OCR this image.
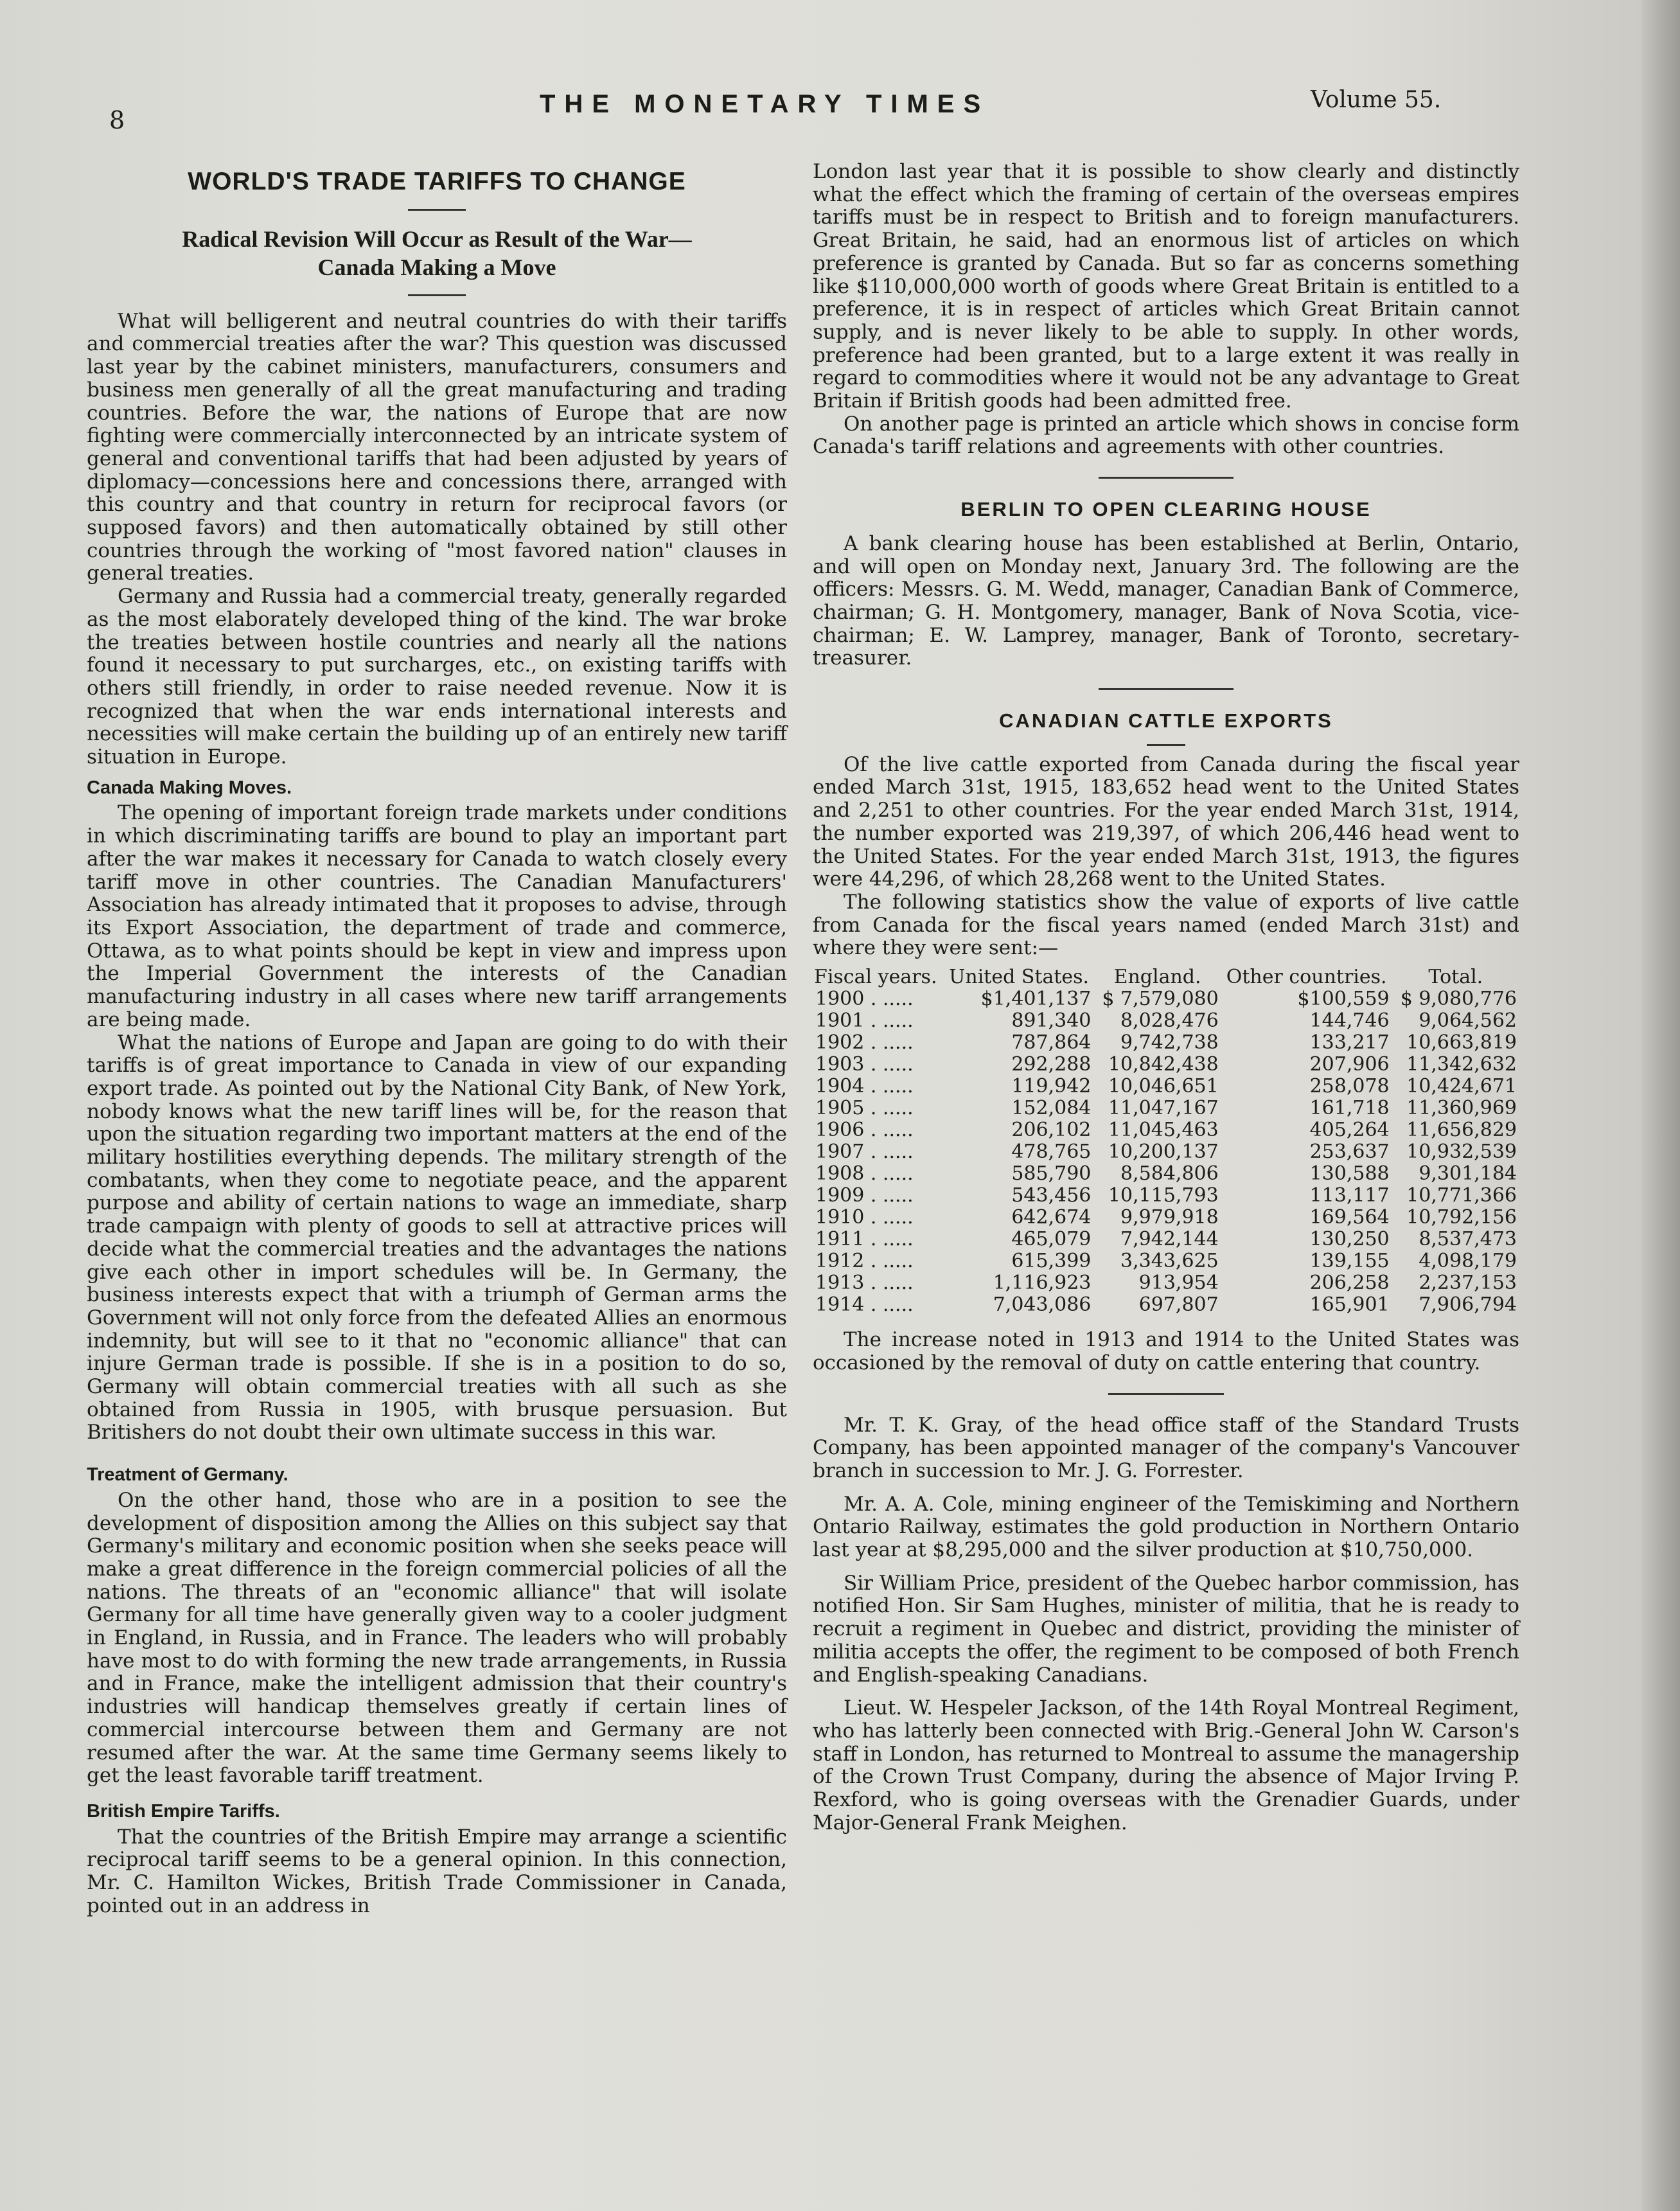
8
THE MONETARY TIMES	Volume 55.
WORLD'S TRADE TARIFFS TO CHANGE
Radical Revision Will Occur as Result of the War—
Canada Making a Move

What will belligerent and neutral countries do with their tariffs and commercial treaties after the war? This question was discussed last year by the cabinet ministers, manufacturers, consumers and business men generally of all the great manufacturing and trading countries. Before the war, the nations of Europe that are now fighting were commercially interconnected by an intricate system of general and conventional tariffs that had been adjusted by years of diplomacy—concessions here and concessions there, arranged with this country and that country in return for reciprocal favors (or supposed favors) and then automatically obtained by still other countries through the working of "most favored nation" clauses in general treaties.

Germany and Russia had a commercial treaty, generally regarded as the most elaborately developed thing of the kind. The war broke the treaties between hostile countries and nearly all the nations found it necessary to put surcharges, etc., on existing tariffs with others still friendly, in order to raise needed revenue. Now it is recognized that when the war ends international interests and necessities will make certain the building up of an entirely new tariff situation in Europe.

Canada Making Moves.

The opening of important foreign trade markets under conditions in which discriminating tariffs are bound to play an important part after the war makes it necessary for Canada to watch closely every tariff move in other countries. The Canadian Manufacturers' Association has already intimated that it proposes to advise, through its Export Association, the department of trade and commerce, Ottawa, as to what points should be kept in view and impress upon the Imperial Government the interests of the Canadian manufacturing industry in all cases where new tariff arrangements are being made.

What the nations of Europe and Japan are going to do with their tariffs is of great importance to Canada in view of our expanding export trade. As pointed out by the National City Bank, of New York, nobody knows what the new tariff lines will be, for the reason that upon the situation regarding two important matters at the end of the military hostilities everything depends. The military strength of the combatants, when they come to negotiate peace, and the apparent purpose and ability of certain nations to wage an immediate, sharp trade campaign with plenty of goods to sell at attractive prices will decide what the commercial treaties and the advantages the nations give each other in import schedules will be. In Germany, the business interests expect that with a triumph of German arms the Government will not only force from the defeated Allies an enormous indemnity, but will see to it that no "economic alliance" that can injure German trade is possible. If she is in a position to do so, Germany will obtain commercial treaties with all such as she obtained from Russia in 1905, with brusque persuasion. But Britishers do not doubt their own ultimate success in this war.

Treatment of Germany.

On the other hand, those who are in a position to see the development of disposition among the Allies on this subject say that Germany's military and economic position when she seeks peace will make a great difference in the foreign commercial policies of all the nations. The threats of an "economic alliance" that will isolate Germany for all time have generally given way to a cooler judgment in England, in Russia, and in France. The leaders who will probably have most to do with forming the new trade arrangements, in Russia and in France, make the intelligent admission that their country's industries will handicap themselves greatly if certain lines of commercial intercourse between them and Germany are not resumed after the war. At the same time Germany seems likely to get the least favorable tariff treatment.

British Empire Tariffs.

That the countries of the British Empire may arrange a scientific reciprocal tariff seems to be a general opinion. In this connection, Mr. C. Hamilton Wickes, British Trade Commissioner in Canada, pointed out in an address in

London last year that it is possible to show clearly and distinctly what the effect which the framing of certain of the overseas empires tariffs must be in respect to British and to foreign manufacturers. Great Britain, he said, had an enormous list of articles on which preference is granted by Canada. But so far as concerns something like $110,000,000 worth of goods where Great Britain is entitled to a preference, it is in respect of articles which Great Britain cannot supply, and is never likely to be able to supply. In other words, preference had been granted, but to a large extent it was really in regard to commodities where it would not be any advantage to Great Britain if British goods had been admitted free.

On another page is printed an article which shows in concise form Canada's tariff relations and agreements with other countries.

BERLIN TO OPEN CLEARING HOUSE

A bank clearing house has been established at Berlin, Ontario, and will open on Monday next, January 3rd. The following are the officers: Messrs. G. M. Wedd, manager, Canadian Bank of Commerce, chairman; G. H. Montgomery, manager, Bank of Nova Scotia, vice-chairman; E. W. Lamprey, manager, Bank of Toronto, secretary-treasurer.

CANADIAN CATTLE EXPORTS

Of the live cattle exported from Canada during the fiscal year ended March 31st, 1915, 183,652 head went to the United States and 2,251 to other countries. For the year ended March 31st, 1914, the number exported was 219,397, of which 206,446 head went to the United States. For the year ended March 31st, 1913, the figures were 44,296, of which 28,268 went to the United States.

The following statistics show the value of exports of live cattle from Canada for the fiscal years named (ended March 31st) and where they were sent:—

Fiscal years.	United States.	England.	Other countries.	Total.
1900 . .....	$1,401,137	$ 7,579,080	$100,559	$ 9,080,776
1901 . .....	891,340	8,028,476	144,746	9,064,562
1902 . .....	787,864	9,742,738	133,217	10,663,819
1903 . .....	292,288	10,842,438	207,906	11,342,632
1904 . .....	119,942	10,046,651	258,078	10,424,671
1905 . .....	152,084	11,047,167	161,718	11,360,969
1906 . .....	206,102	11,045,463	405,264	11,656,829
1907 . .....	478,765	10,200,137	253,637	10,932,539
1908 . .....	585,790	8,584,806	130,588	9,301,184
1909 . .....	543,456	10,115,793	113,117	10,771,366
1910 . .....	642,674	9,979,918	169,564	10,792,156
1911 . .....	465,079	7,942,144	130,250	8,537,473
1912 . .....	615,399	3,343,625	139,155	4,098,179
1913 . .....	1,116,923	913,954	206,258	2,237,153
1914 . .....	7,043,086	697,807	165,901	7,906,794

The increase noted in 1913 and 1914 to the United States was occasioned by the removal of duty on cattle entering that country.

Mr. T. K. Gray, of the head office staff of the Standard Trusts Company, has been appointed manager of the company's Vancouver branch in succession to Mr. J. G. Forrester.

Mr. A. A. Cole, mining engineer of the Temiskiming and Northern Ontario Railway, estimates the gold production in Northern Ontario last year at $8,295,000 and the silver production at $10,750,000.

Sir William Price, president of the Quebec harbor commission, has notified Hon. Sir Sam Hughes, minister of militia, that he is ready to recruit a regiment in Quebec and district, providing the minister of militia accepts the offer, the regiment to be composed of both French and English-speaking Canadians.

Lieut. W. Hespeler Jackson, of the 14th Royal Montreal Regiment, who has latterly been connected with Brig.-General John W. Carson's staff in London, has returned to Montreal to assume the managership of the Crown Trust Company, during the absence of Major Irving P. Rexford, who is going overseas with the Grenadier Guards, under Major-General Frank Meighen.
